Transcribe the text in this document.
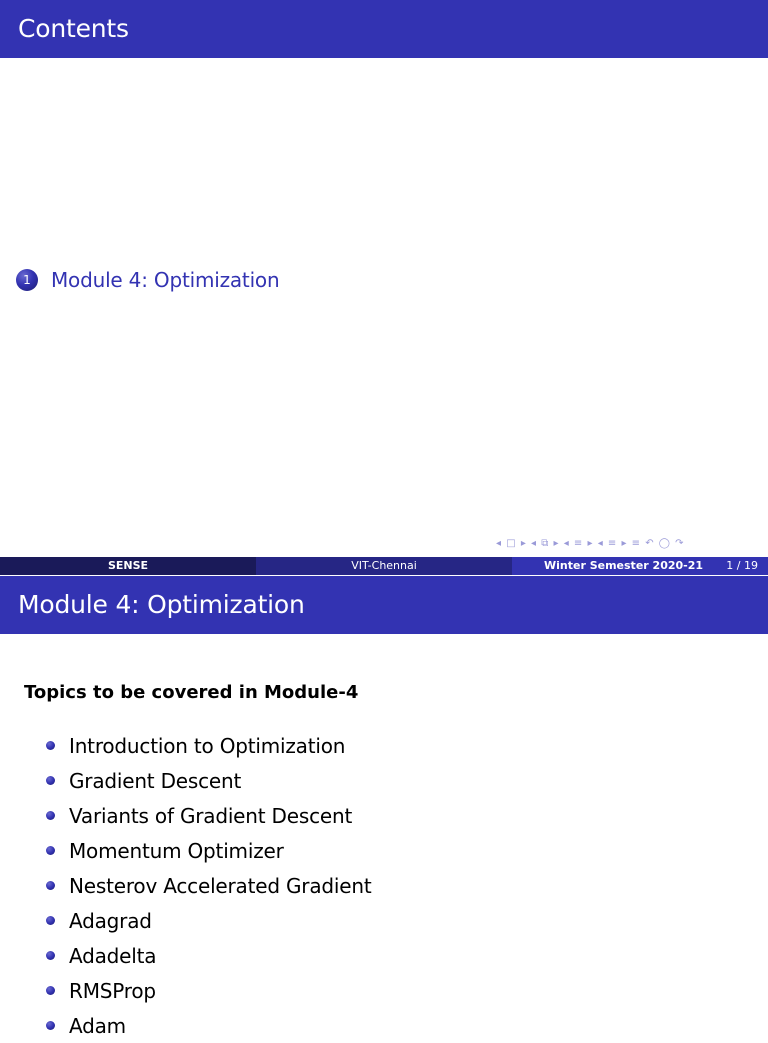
Contents
1	Module 4: Optimization
◂ □ ▸ ◂ ⧉ ▸ ◂ ≡ ▸ ◂ ≡ ▸ ≡ ↶ ◯ ↷
SENSE	VIT-Chennai	Winter Semester 2020-21 1 / 19
Module 4: Optimization
Topics to be covered in Module-4
Introduction to Optimization
Gradient Descent
Variants of Gradient Descent
Momentum Optimizer
Nesterov Accelerated Gradient
Adagrad
Adadelta
RMSProp
Adam
